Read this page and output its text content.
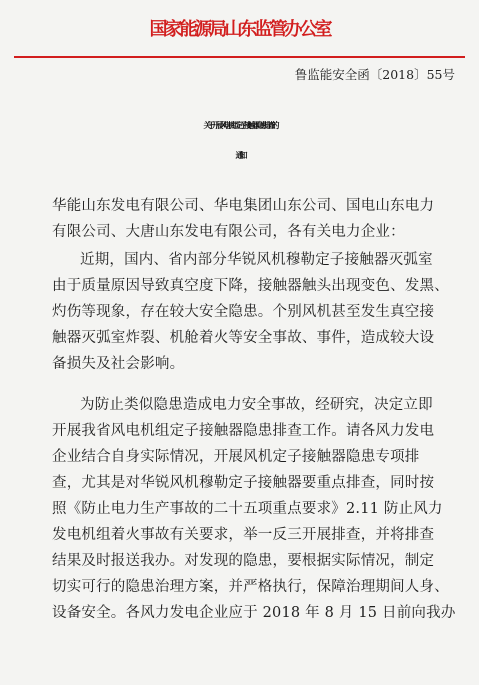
国家能源局山东监管办公室
鲁监能安全函〔2018〕55号
关于开展风电机组定子接触器隐患排查的
通知
华能山东发电有限公司、华电集团山东公司、国电山东电力
有限公司、大唐山东发电有限公司，各有关电力企业：
近期，国内、省内部分华锐风机穆勒定子接触器灭弧室
由于质量原因导致真空度下降，接触器触头出现变色、发黑、
灼伤等现象，存在较大安全隐患。个别风机甚至发生真空接
触器灭弧室炸裂、机舱着火等安全事故、事件，造成较大设
备损失及社会影响。
为防止类似隐患造成电力安全事故，经研究，决定立即
开展我省风电机组定子接触器隐患排查工作。请各风力发电
企业结合自身实际情况，开展风机定子接触器隐患专项排
查，尤其是对华锐风机穆勒定子接触器要重点排查，同时按
照《防止电力生产事故的二十五项重点要求》2.11 防止风力
发电机组着火事故有关要求，举一反三开展排查，并将排查
结果及时报送我办。对发现的隐患，要根据实际情况，制定
切实可行的隐患治理方案，并严格执行，保障治理期间人身、
设备安全。各风力发电企业应于 2018 年 8 月 15 日前向我办
